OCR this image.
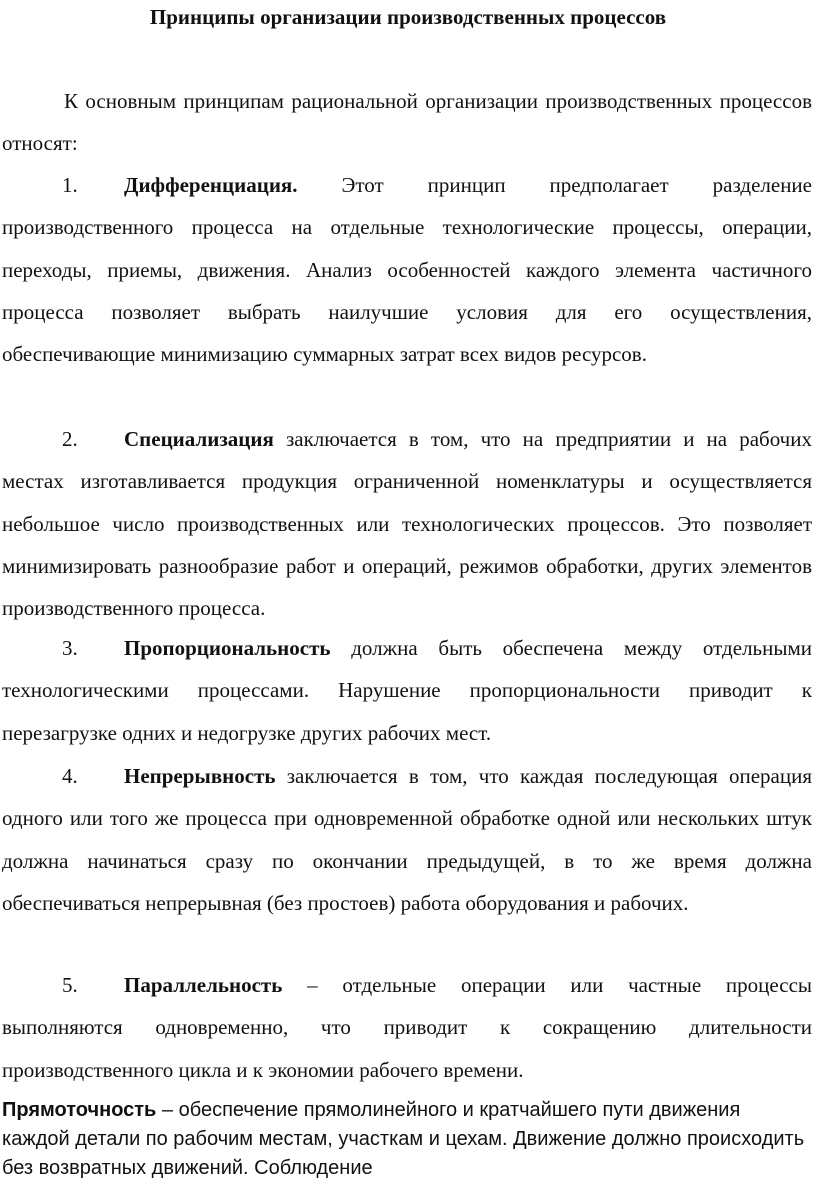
Принципы организации производственных процессов

К основным принципам рациональной организации производственных процессов относят:

1. Дифференциация. Этот принцип предполагает разделение производственного процесса на отдельные технологические процессы, операции, переходы, приемы, движения. Анализ особенностей каждого элемента частичного процесса позволяет выбрать наилучшие условия для его осуществления, обеспечивающие минимизацию суммарных затрат всех видов ресурсов.

2. Специализация заключается в том, что на предприятии и на рабочих местах изготавливается продукция ограниченной номенклатуры и осуществляется небольшое число производственных или технологических процессов. Это позволяет минимизировать разнообразие работ и операций, режимов обработки, других элементов производственного процесса.

3. Пропорциональность должна быть обеспечена между отдельными технологическими процессами. Нарушение пропорциональности приводит к перезагрузке одних и недогрузке других рабочих мест.

4. Непрерывность заключается в том, что каждая последующая операция одного или того же процесса при одновременной обработке одной или нескольких штук должна начинаться сразу по окончании предыдущей, в то же время должна обеспечиваться непрерывная (без простоев) работа оборудования и рабочих.

5. Параллельность – отдельные операции или частные процессы выполняются одновременно, что приводит к сокращению длительности производственного цикла и к экономии рабочего времени.

Прямоточность – обеспечение прямолинейного и кратчайшего пути движения каждой детали по рабочим местам, участкам и цехам. Движение должно происходить без возвратных движений. Соблюдение
